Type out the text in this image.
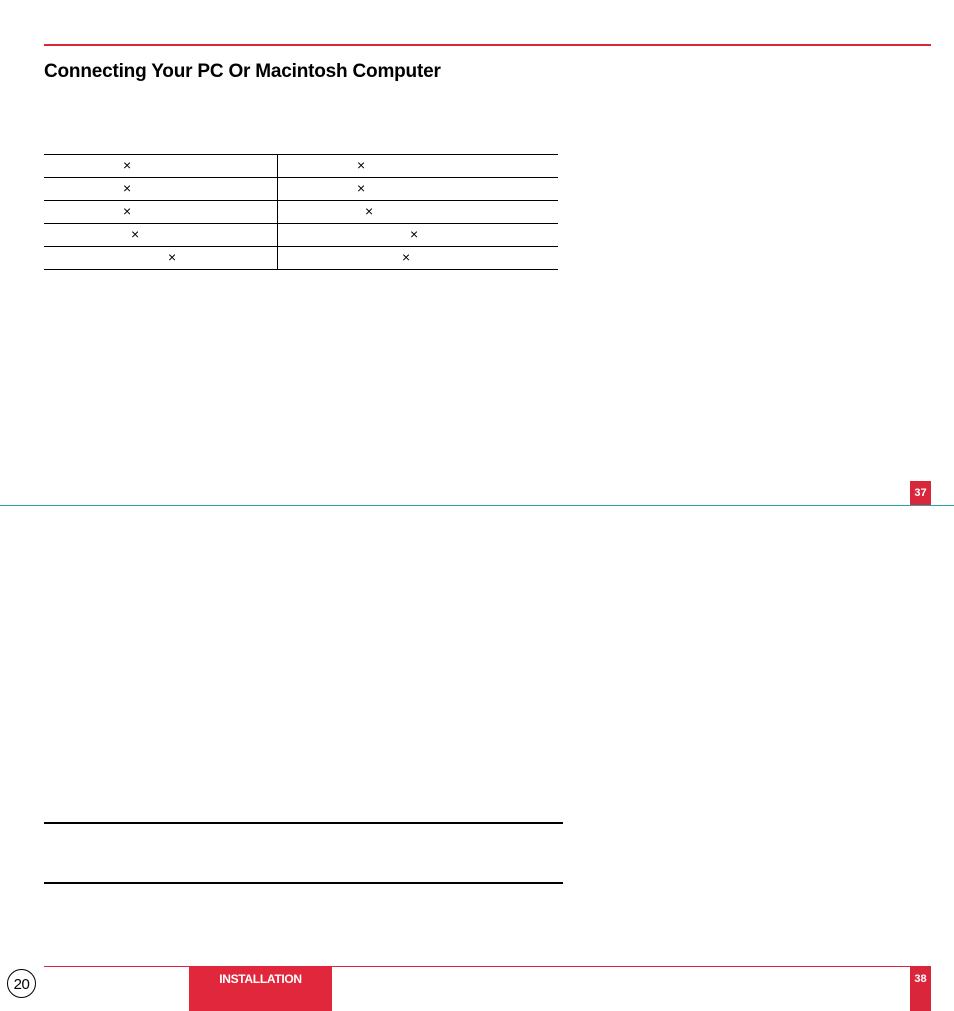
Connecting Your PC Or Macintosh Computer
×	×

×	×

×	×

×	×

×	×
37
20	INSTALLATION	38
